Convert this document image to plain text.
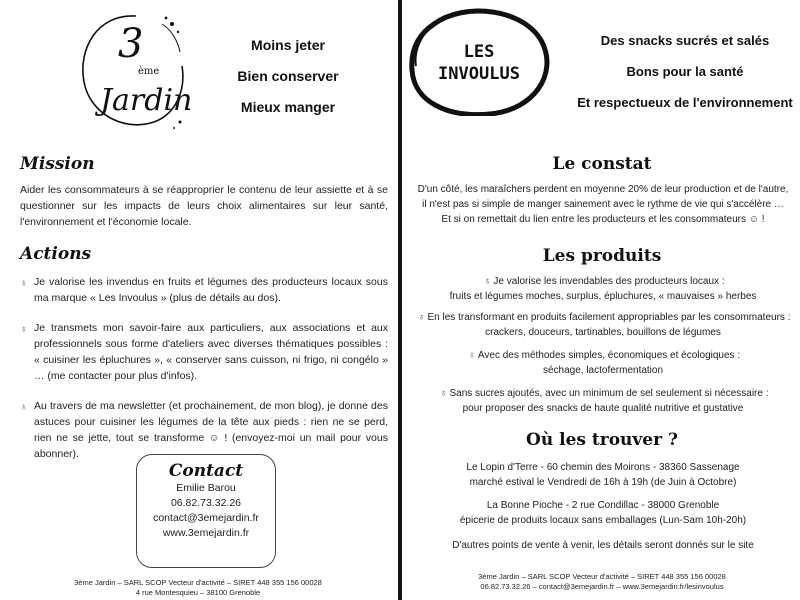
3
ème
Jardin
Moins jeter
Bien conserver
Mieux manger
Mission
Aider les consommateurs à se réapproprier le contenu de leur assiette et à se questionner sur les impacts de leurs choix alimentaires sur leur santé, l'environnement et l'économie locale.
Actions
♁ Je valorise les invendus en fruits et légumes des producteurs locaux sous ma marque « Les Invoulus » (plus de détails au dos).
♁ Je transmets mon savoir-faire aux particuliers, aux associations et aux professionnels sous forme d'ateliers avec diverses thématiques possibles : « cuisiner les épluchures », « conserver sans cuisson, ni frigo, ni congélo » … (me contacter pour plus d'infos).
♁ Au travers de ma newsletter (et prochainement, de mon blog), je donne des astuces pour cuisiner les légumes de la tête aux pieds : rien ne se perd, rien ne se jette, tout se transforme ☺ ! (envoyez-moi un mail pour vous abonner).
Contact
Emilie Barou
06.82.73.32.26
contact@3emejardin.fr
www.3emejardin.fr
3ème Jardin – SARL SCOP Vecteur d'activité – SIRET 448 355 156 00028
4 rue Montesquieu – 38100 Grenoble
LES
INVOULUS
Des snacks sucrés et salés
Bons pour la santé
Et respectueux de l'environnement
Le constat
D'un côté, les maraîchers perdent en moyenne 20% de leur production et de l'autre,
il n'est pas si simple de manger sainement avec le rythme de vie qui s'accélère …
Et si on remettait du lien entre les producteurs et les consommateurs ☺ !
Les produits
♁ Je valorise les invendables des producteurs locaux :
fruits et légumes moches, surplus, épluchures, « mauvaises » herbes
♁ En les transformant en produits facilement appropriables par les consommateurs :
crackers, douceurs, tartinables, bouillons de légumes
♁ Avec des méthodes simples, économiques et écologiques :
séchage, lactofermentation
♁ Sans sucres ajoutés, avec un minimum de sel seulement si nécessaire :
pour proposer des snacks de haute qualité nutritive et gustative
Où les trouver ?
Le Lopin d'Terre - 60 chemin des Moirons - 38360 Sassenage
marché estival le Vendredi de 16h à 19h (de Juin à Octobre)
La Bonne Pioche - 2 rue Condillac - 38000 Grenoble
épicerie de produits locaux sans emballages (Lun-Sam 10h-20h)
D'autres points de vente à venir, les détails seront donnés sur le site
3ème Jardin – SARL SCOP Vecteur d'activité – SIRET 448 355 156 00028
06.82.73.32.26 – contact@3emejardin.fr – www.3emejardin.fr/lesinvoulus
